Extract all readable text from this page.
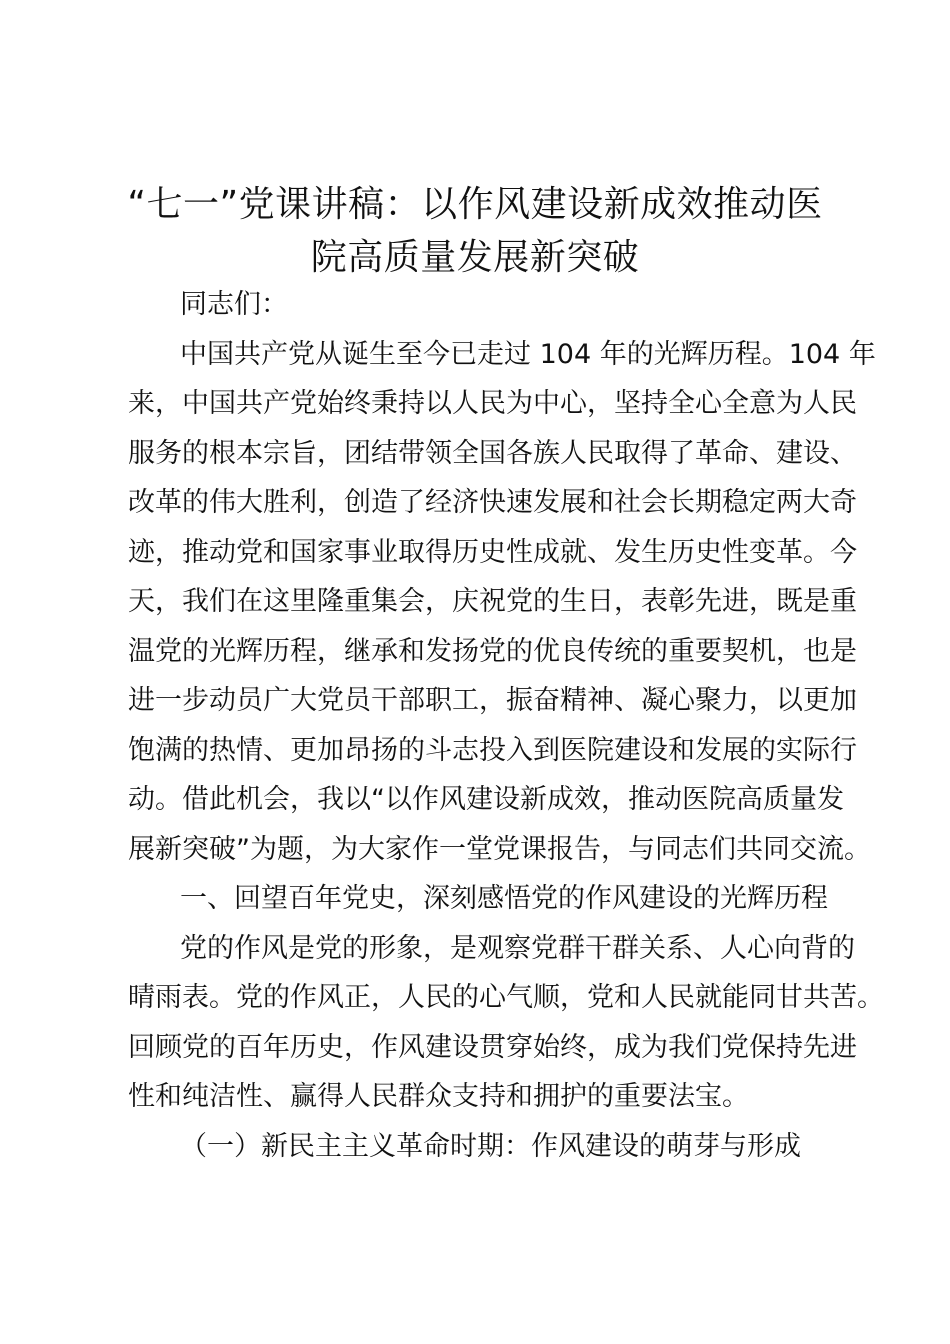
“七一”党课讲稿：以作风建设新成效推动医
院高质量发展新突破
同志们：
中国共产党从诞生至今已走过 104 年的光辉历程。104 年
来，中国共产党始终秉持以人民为中心，坚持全心全意为人民
服务的根本宗旨，团结带领全国各族人民取得了革命、建设、
改革的伟大胜利，创造了经济快速发展和社会长期稳定两大奇
迹，推动党和国家事业取得历史性成就、发生历史性变革。今
天，我们在这里隆重集会，庆祝党的生日，表彰先进，既是重
温党的光辉历程，继承和发扬党的优良传统的重要契机，也是
进一步动员广大党员干部职工，振奋精神、凝心聚力，以更加
饱满的热情、更加昂扬的斗志投入到医院建设和发展的实际行
动。借此机会，我以“以作风建设新成效，推动医院高质量发
展新突破”为题，为大家作一堂党课报告，与同志们共同交流。
一、回望百年党史，深刻感悟党的作风建设的光辉历程
党的作风是党的形象，是观察党群干群关系、人心向背的
晴雨表。党的作风正，人民的心气顺，党和人民就能同甘共苦。
回顾党的百年历史，作风建设贯穿始终，成为我们党保持先进
性和纯洁性、赢得人民群众支持和拥护的重要法宝。
（一）新民主主义革命时期：作风建设的萌芽与形成
